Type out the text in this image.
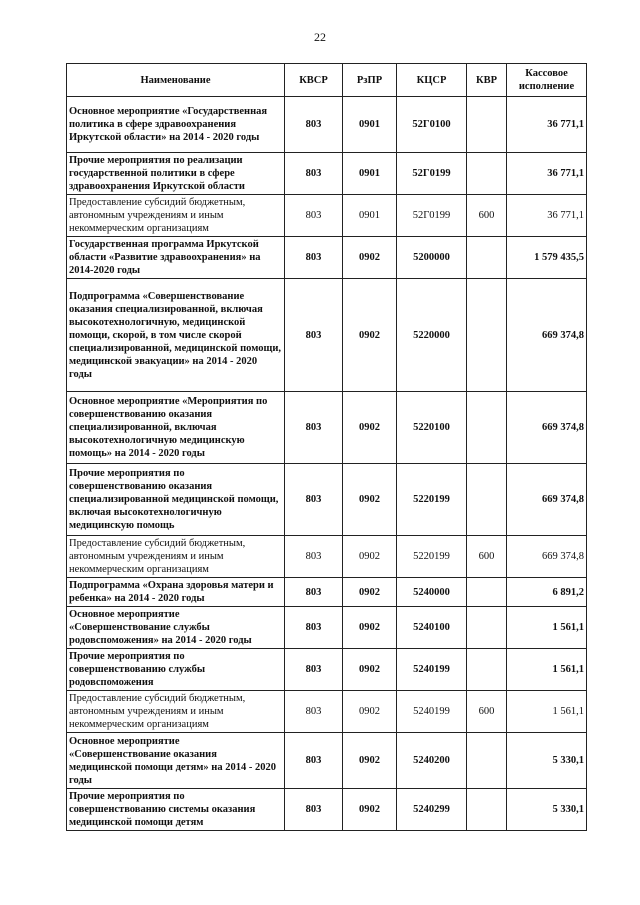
22
Наименование	КВСР	РзПР	КЦСР	КВР	Кассовое исполнение
Основное мероприятие «Государственная политика в сфере здравоохранения Иркутской области» на 2014 - 2020 годы	803	0901	52Г0100		36 771,1
Прочие мероприятия по реализации государственной политики в сфере здравоохранения Иркутской области	803	0901	52Г0199		36 771,1
Предоставление субсидий бюджетным, автономным учреждениям и иным некоммерческим организациям	803	0901	52Г0199	600	36 771,1
Государственная программа Иркутской области «Развитие здравоохранения» на 2014-2020 годы	803	0902	5200000		1 579 435,5
Подпрограмма «Совершенствование оказания специализированной, включая высокотехнологичную, медицинской помощи, скорой, в том числе скорой специализированной, медицинской помощи, медицинской эвакуации» на 2014 - 2020 годы	803	0902	5220000		669 374,8
Основное мероприятие «Мероприятия по совершенствованию оказания специализированной, включая высокотехнологичную медицинскую помощь» на 2014 - 2020 годы	803	0902	5220100		669 374,8
Прочие мероприятия по совершенствованию оказания специализированной медицинской помощи, включая высокотехнологичную медицинскую помощь	803	0902	5220199		669 374,8
Предоставление субсидий бюджетным, автономным учреждениям и иным некоммерческим организациям	803	0902	5220199	600	669 374,8
Подпрограмма «Охрана здоровья матери и ребенка» на 2014 - 2020 годы	803	0902	5240000		6 891,2
Основное мероприятие «Совершенствование службы родовспоможения» на 2014 - 2020 годы	803	0902	5240100		1 561,1
Прочие мероприятия по совершенствованию службы родовспоможения	803	0902	5240199		1 561,1
Предоставление субсидий бюджетным, автономным учреждениям и иным некоммерческим организациям	803	0902	5240199	600	1 561,1
Основное мероприятие «Совершенствование оказания медицинской помощи детям» на 2014 - 2020 годы	803	0902	5240200		5 330,1
Прочие мероприятия по совершенствованию системы оказания медицинской помощи детям	803	0902	5240299		5 330,1
